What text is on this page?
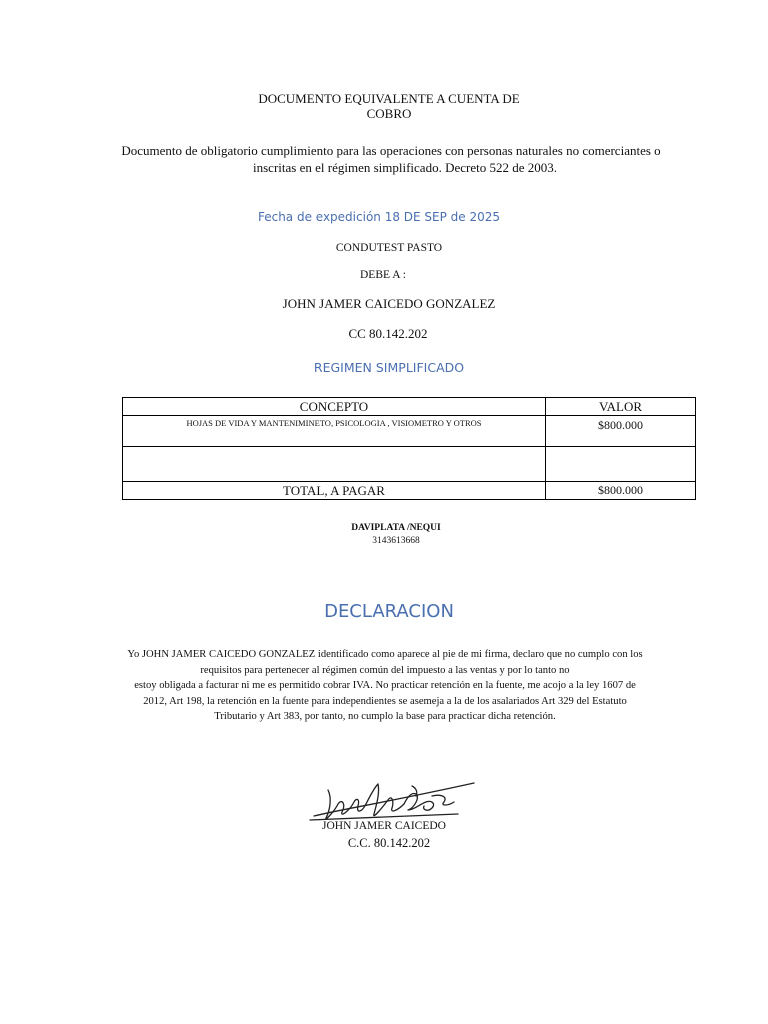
DOCUMENTO EQUIVALENTE A CUENTA DE
COBRO
Documento de obligatorio cumplimiento para las operaciones con personas naturales no comerciantes o
inscritas en el régimen simplificado. Decreto 522 de 2003.
Fecha de expedición 18 DE SEP de 2025
CONDUTEST PASTO
DEBE A :
JOHN JAMER CAICEDO GONZALEZ
CC 80.142.202
REGIMEN SIMPLIFICADO
CONCEPTO	VALOR

HOJAS DE VIDA Y MANTENIMINETO, PSICOLOGIA , VISIOMETRO Y OTROS	$800.000

TOTAL, A PAGAR	$800.000
DAVIPLATA /NEQUI
3143613668
DECLARACION
Yo JOHN JAMER CAICEDO GONZALEZ identificado como aparece al pie de mi firma, declaro que no cumplo con los
requisitos para pertenecer al régimen común del impuesto a las ventas y por lo tanto no
estoy obligada a facturar ni me es permitido cobrar IVA. No practicar retención en la fuente, me acojo a la ley 1607 de
2012, Art 198, la retención en la fuente para independientes se asemeja a la de los asalariados Art 329 del Estatuto
Tributario y Art 383, por tanto, no cumplo la base para practicar dicha retención.
JOHN JAMER CAICEDO
C.C. 80.142.202
